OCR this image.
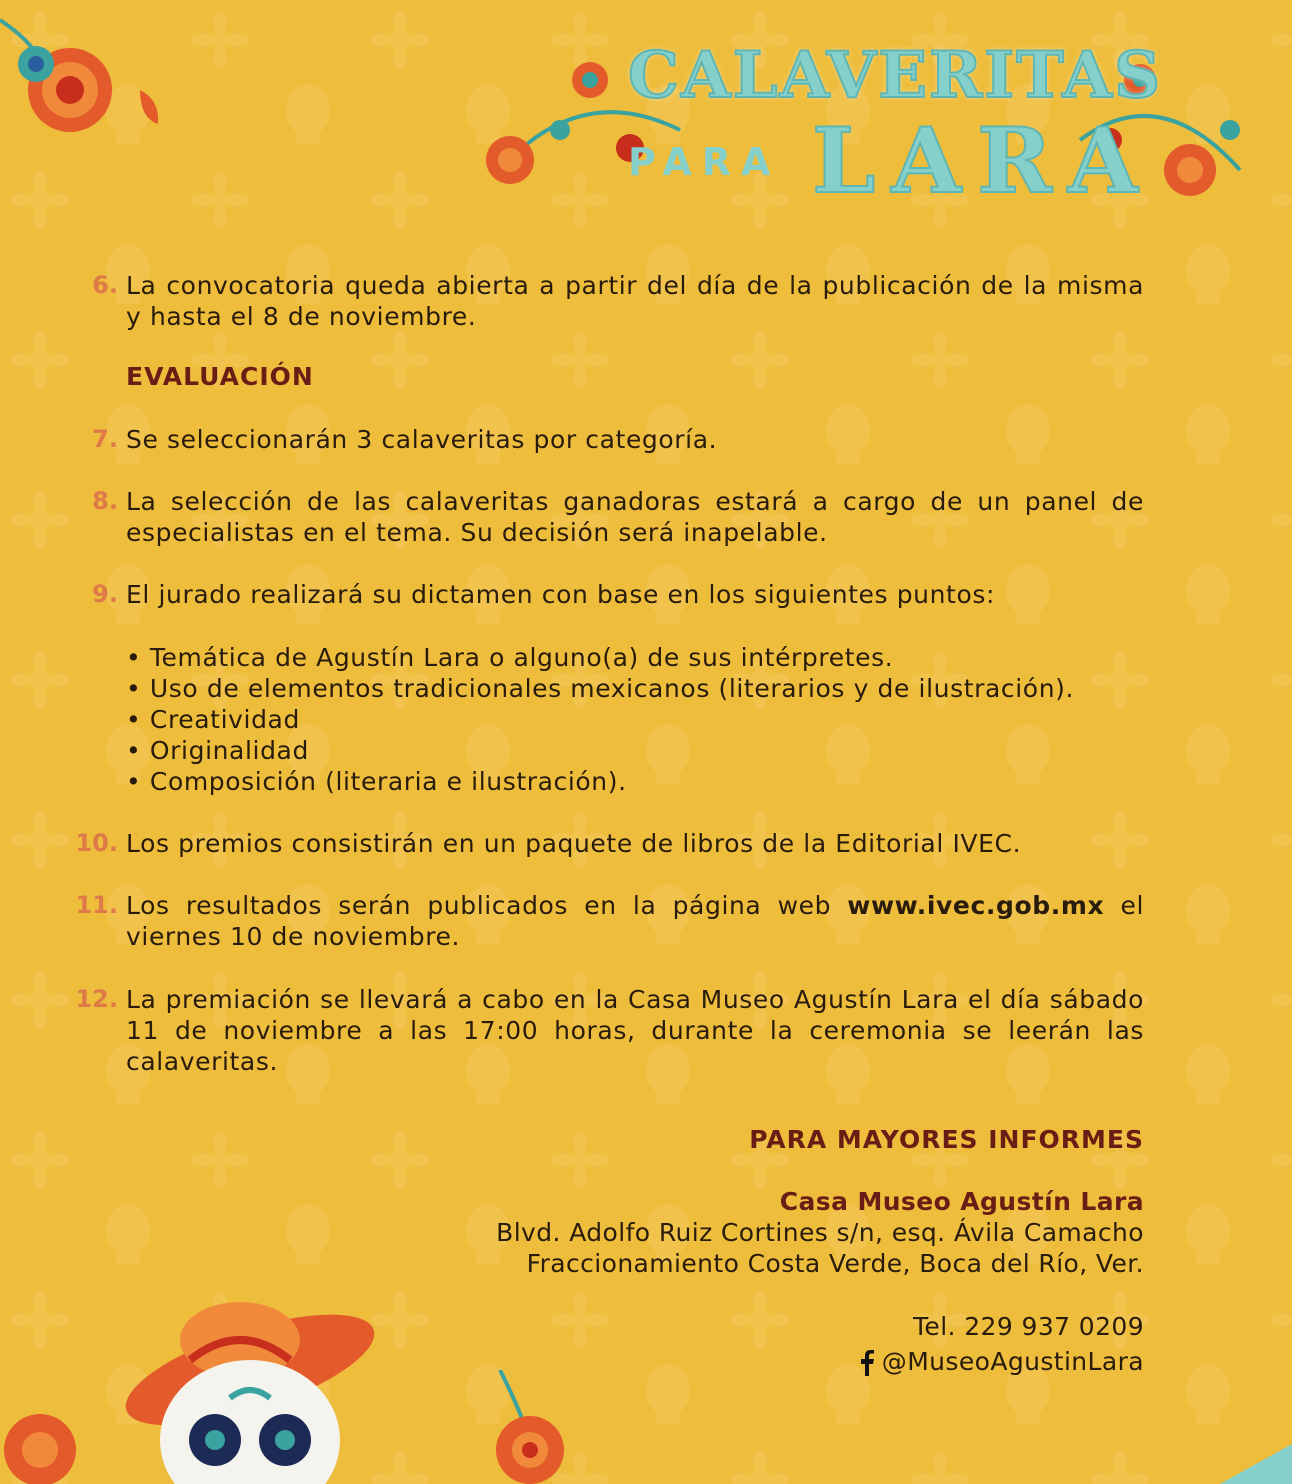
CALAVERITAS
PARA LARA
6. La convocatoria queda abierta a partir del día de la publicación de la misma y hasta el 8 de noviembre.
EVALUACIÓN
7. Se seleccionarán 3 calaveritas por categoría.
8. La selección de las calaveritas ganadoras estará a cargo de un panel de especialistas en el tema. Su decisión será inapelable.
9. El jurado realizará su dictamen con base en los siguientes puntos:
• Temática de Agustín Lara o alguno(a) de sus intérpretes.
• Uso de elementos tradicionales mexicanos (literarios y de ilustración).
• Creatividad
• Originalidad
• Composición (literaria e ilustración).
10. Los premios consistirán en un paquete de libros de la Editorial IVEC.
11. Los resultados serán publicados en la página web www.ivec.gob.mx el viernes 10 de noviembre.
12. La premiación se llevará a cabo en la Casa Museo Agustín Lara el día sábado 11 de noviembre a las 17:00 horas, durante la ceremonia se leerán las calaveritas.
PARA MAYORES INFORMES
Casa Museo Agustín Lara
Blvd. Adolfo Ruiz Cortines s/n, esq. Ávila Camacho
Fraccionamiento Costa Verde, Boca del Río, Ver.
Tel. 229 937 0209
@MuseoAgustinLara
